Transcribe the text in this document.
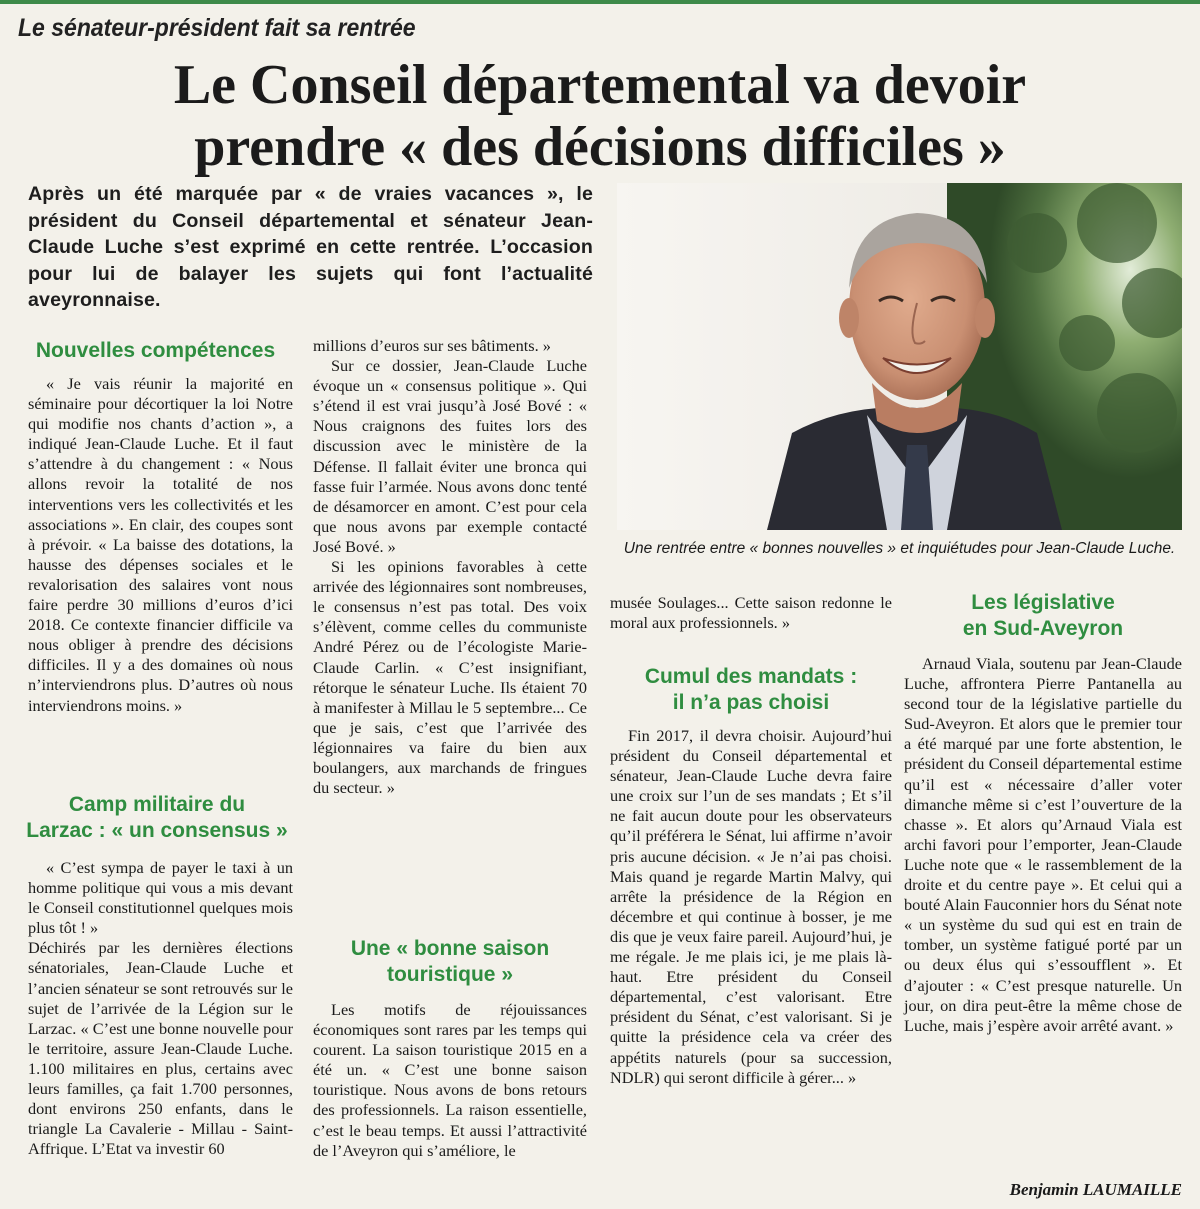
Le sénateur-président fait sa rentrée
Le Conseil départemental va devoir
prendre « des décisions difficiles »
Après un été marquée par « de vraies vacances », le président du Conseil départemental et sénateur Jean-Claude Luche s’est exprimé en cette rentrée. L’occasion pour lui de balayer les sujets qui font l’actualité aveyronnaise.
Une rentrée entre « bonnes nouvelles » et inquiétudes pour Jean-Claude Luche.
Nouvelles compétences

« Je vais réunir la majorité en séminaire pour décortiquer la loi Notre qui modifie nos chants d’action », a indiqué Jean-Claude Luche. Et il faut s’attendre à du changement : « Nous allons revoir la totalité de nos interventions vers les collectivités et les associations ». En clair, des coupes sont à prévoir. « La baisse des dotations, la hausse des dépenses sociales et le revalorisation des salaires vont nous faire perdre 30 millions d’euros d’ici 2018. Ce contexte financier difficile va nous obliger à prendre des décisions difficiles. Il y a des domaines où nous n’interviendrons plus. D’autres où nous interviendrons moins. »

Camp militaire du
Larzac : « un consensus »

« C’est sympa de payer le taxi à un homme politique qui vous a mis devant le Conseil constitutionnel quelques mois plus tôt ! »

Déchirés par les dernières élections sénatoriales, Jean-Claude Luche et l’ancien sénateur se sont retrouvés sur le sujet de l’arrivée de la Légion sur le Larzac. « C’est une bonne nouvelle pour le territoire, assure Jean-Claude Luche. 1.100 militaires en plus, certains avec leurs familles, ça fait 1.700 personnes, dont environs 250 enfants, dans le triangle La Cavalerie - Millau - Saint-Affrique. L’Etat va investir 60

millions d’euros sur ses bâtiments. »

Sur ce dossier, Jean-Claude Luche évoque un « consensus politique ». Qui s’étend il est vrai jusqu’à José Bové : « Nous craignons des fuites lors des discussion avec le ministère de la Défense. Il fallait éviter une bronca qui fasse fuir l’armée. Nous avons donc tenté de désamorcer en amont. C’est pour cela que nous avons par exemple contacté José Bové. »

Si les opinions favorables à cette arrivée des légionnaires sont nombreuses, le consensus n’est pas total. Des voix s’élèvent, comme celles du communiste André Pérez ou de l’écologiste Marie-Claude Carlin. « C’est insignifiant, rétorque le sénateur Luche. Ils étaient 70 à manifester à Millau le 5 septembre... Ce que je sais, c’est que l’arrivée des légionnaires va faire du bien aux boulangers, aux marchands de fringues du secteur. »

Une « bonne saison
touristique »

Les motifs de réjouissances économiques sont rares par les temps qui courent. La saison touristique 2015 en a été un. « C’est une bonne saison touristique. Nous avons de bons retours des professionnels. La raison essentielle, c’est le beau temps. Et aussi l’attractivité de l’Aveyron qui s’améliore, le

musée Soulages... Cette saison redonne le moral aux professionnels. »

Cumul des mandats :
il n’a pas choisi

Fin 2017, il devra choisir. Aujourd’hui président du Conseil départemental et sénateur, Jean-Claude Luche devra faire une croix sur l’un de ses mandats ; Et s’il ne fait aucun doute pour les observateurs qu’il préférera le Sénat, lui affirme n’avoir pris aucune décision. « Je n’ai pas choisi. Mais quand je regarde Martin Malvy, qui arrête la présidence de la Région en décembre et qui continue à bosser, je me dis que je veux faire pareil. Aujourd’hui, je me régale. Je me plais ici, je me plais là-haut. Etre président du Conseil départemental, c’est valorisant. Etre président du Sénat, c’est valorisant. Si je quitte la présidence cela va créer des appétits naturels (pour sa succession, NDLR) qui seront difficile à gérer... »

Les législative
en Sud-Aveyron

Arnaud Viala, soutenu par Jean-Claude Luche, affrontera Pierre Pantanella au second tour de la législative partielle du Sud-Aveyron. Et alors que le premier tour a été marqué par une forte abstention, le président du Conseil départemental estime qu’il est « nécessaire d’aller voter dimanche même si c’est l’ouverture de la chasse ». Et alors qu’Arnaud Viala est archi favori pour l’emporter, Jean-Claude Luche note que « le rassemblement de la droite et du centre paye ». Et celui qui a bouté Alain Fauconnier hors du Sénat note « un système du sud qui est en train de tomber, un système fatigué porté par un ou deux élus qui s’essoufflent ». Et d’ajouter : « C’est presque naturelle. Un jour, on dira peut-être la même chose de Luche, mais j’espère avoir arrêté avant. »

Benjamin LAUMAILLE
